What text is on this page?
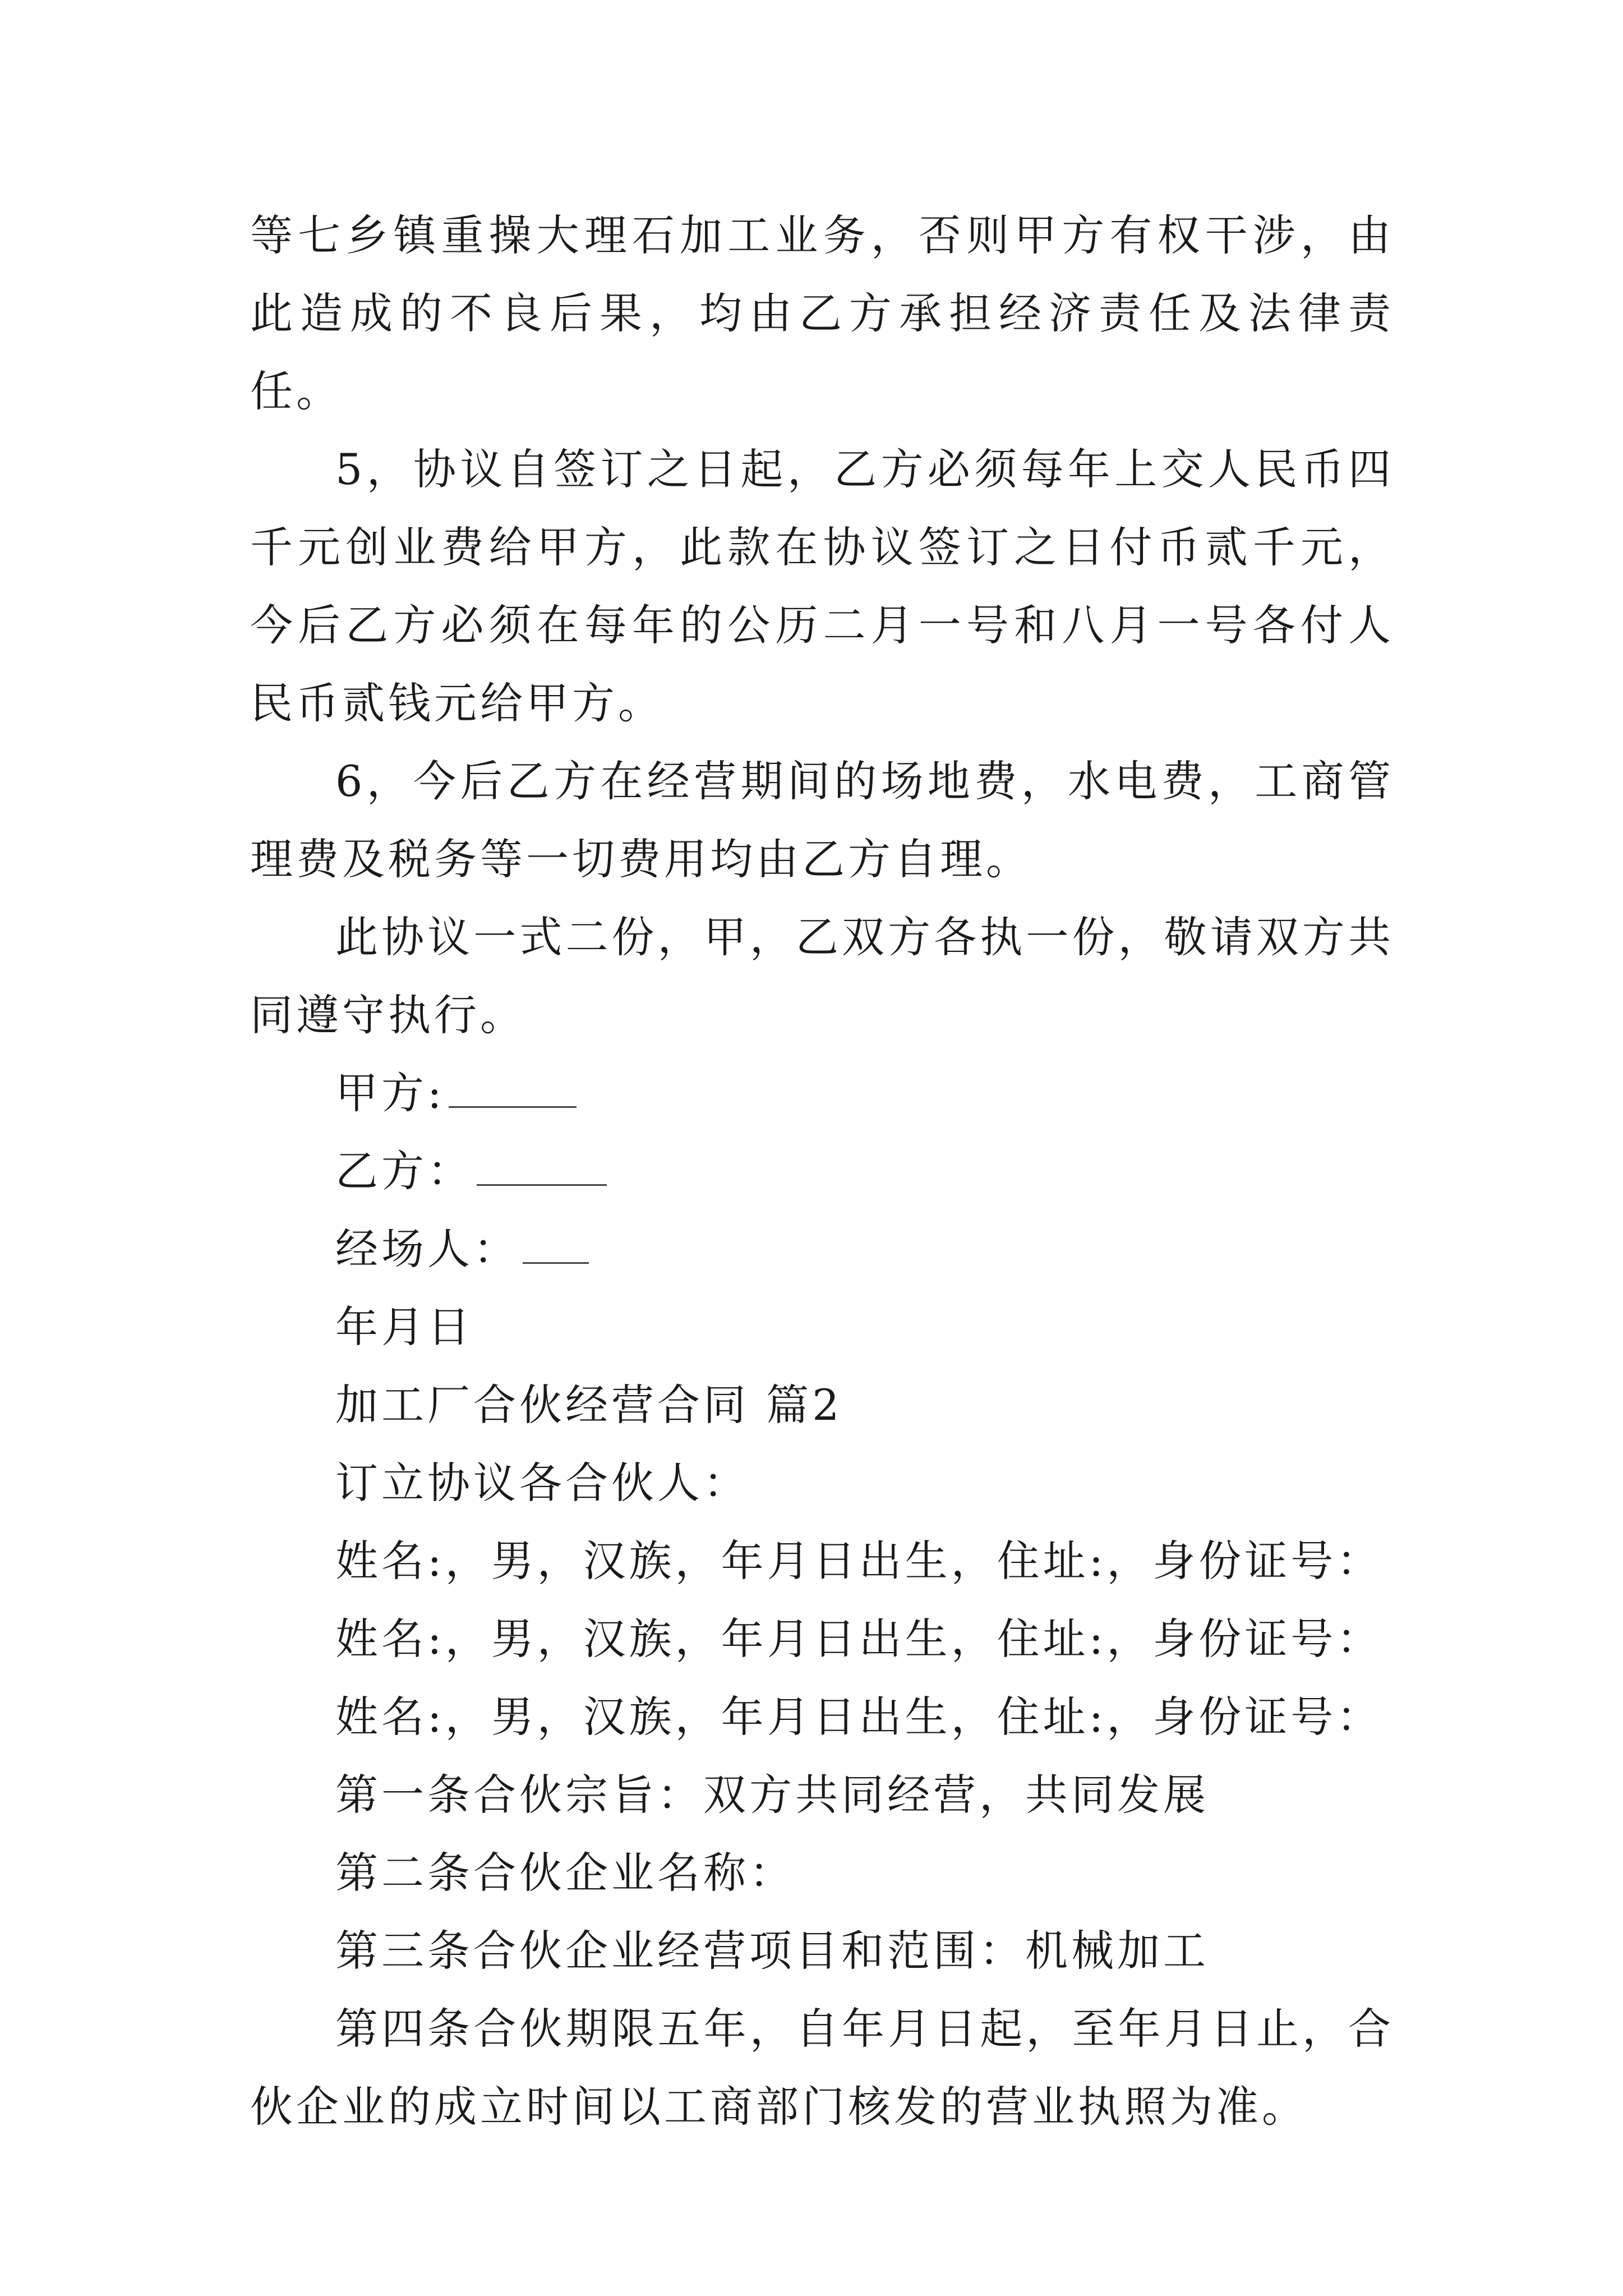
等七乡镇重操大理石加工业务，否则甲方有权干涉，由此造成的不良后果，均由乙方承担经济责任及法律责任。

5，协议自签订之日起，乙方必须每年上交人民币四千元创业费给甲方，此款在协议签订之日付币贰千元，今后乙方必须在每年的公历二月一号和八月一号各付人民币贰钱元给甲方。

6，今后乙方在经营期间的场地费，水电费，工商管理费及税务等一切费用均由乙方自理。

此协议一式二份，甲，乙双方各执一份，敬请双方共同遵守执行。

甲方:

乙方：

经场人：

年月日

加工厂合伙经营合同 篇2

订立协议各合伙人：

姓名:，男，汉族，年月日出生，住址:，身份证号：

姓名:，男，汉族，年月日出生，住址:，身份证号：

姓名:，男，汉族，年月日出生，住址:，身份证号：

第一条合伙宗旨：双方共同经营，共同发展

第二条合伙企业名称：

第三条合伙企业经营项目和范围：机械加工

第四条合伙期限五年，自年月日起，至年月日止，合伙企业的成立时间以工商部门核发的营业执照为准。
